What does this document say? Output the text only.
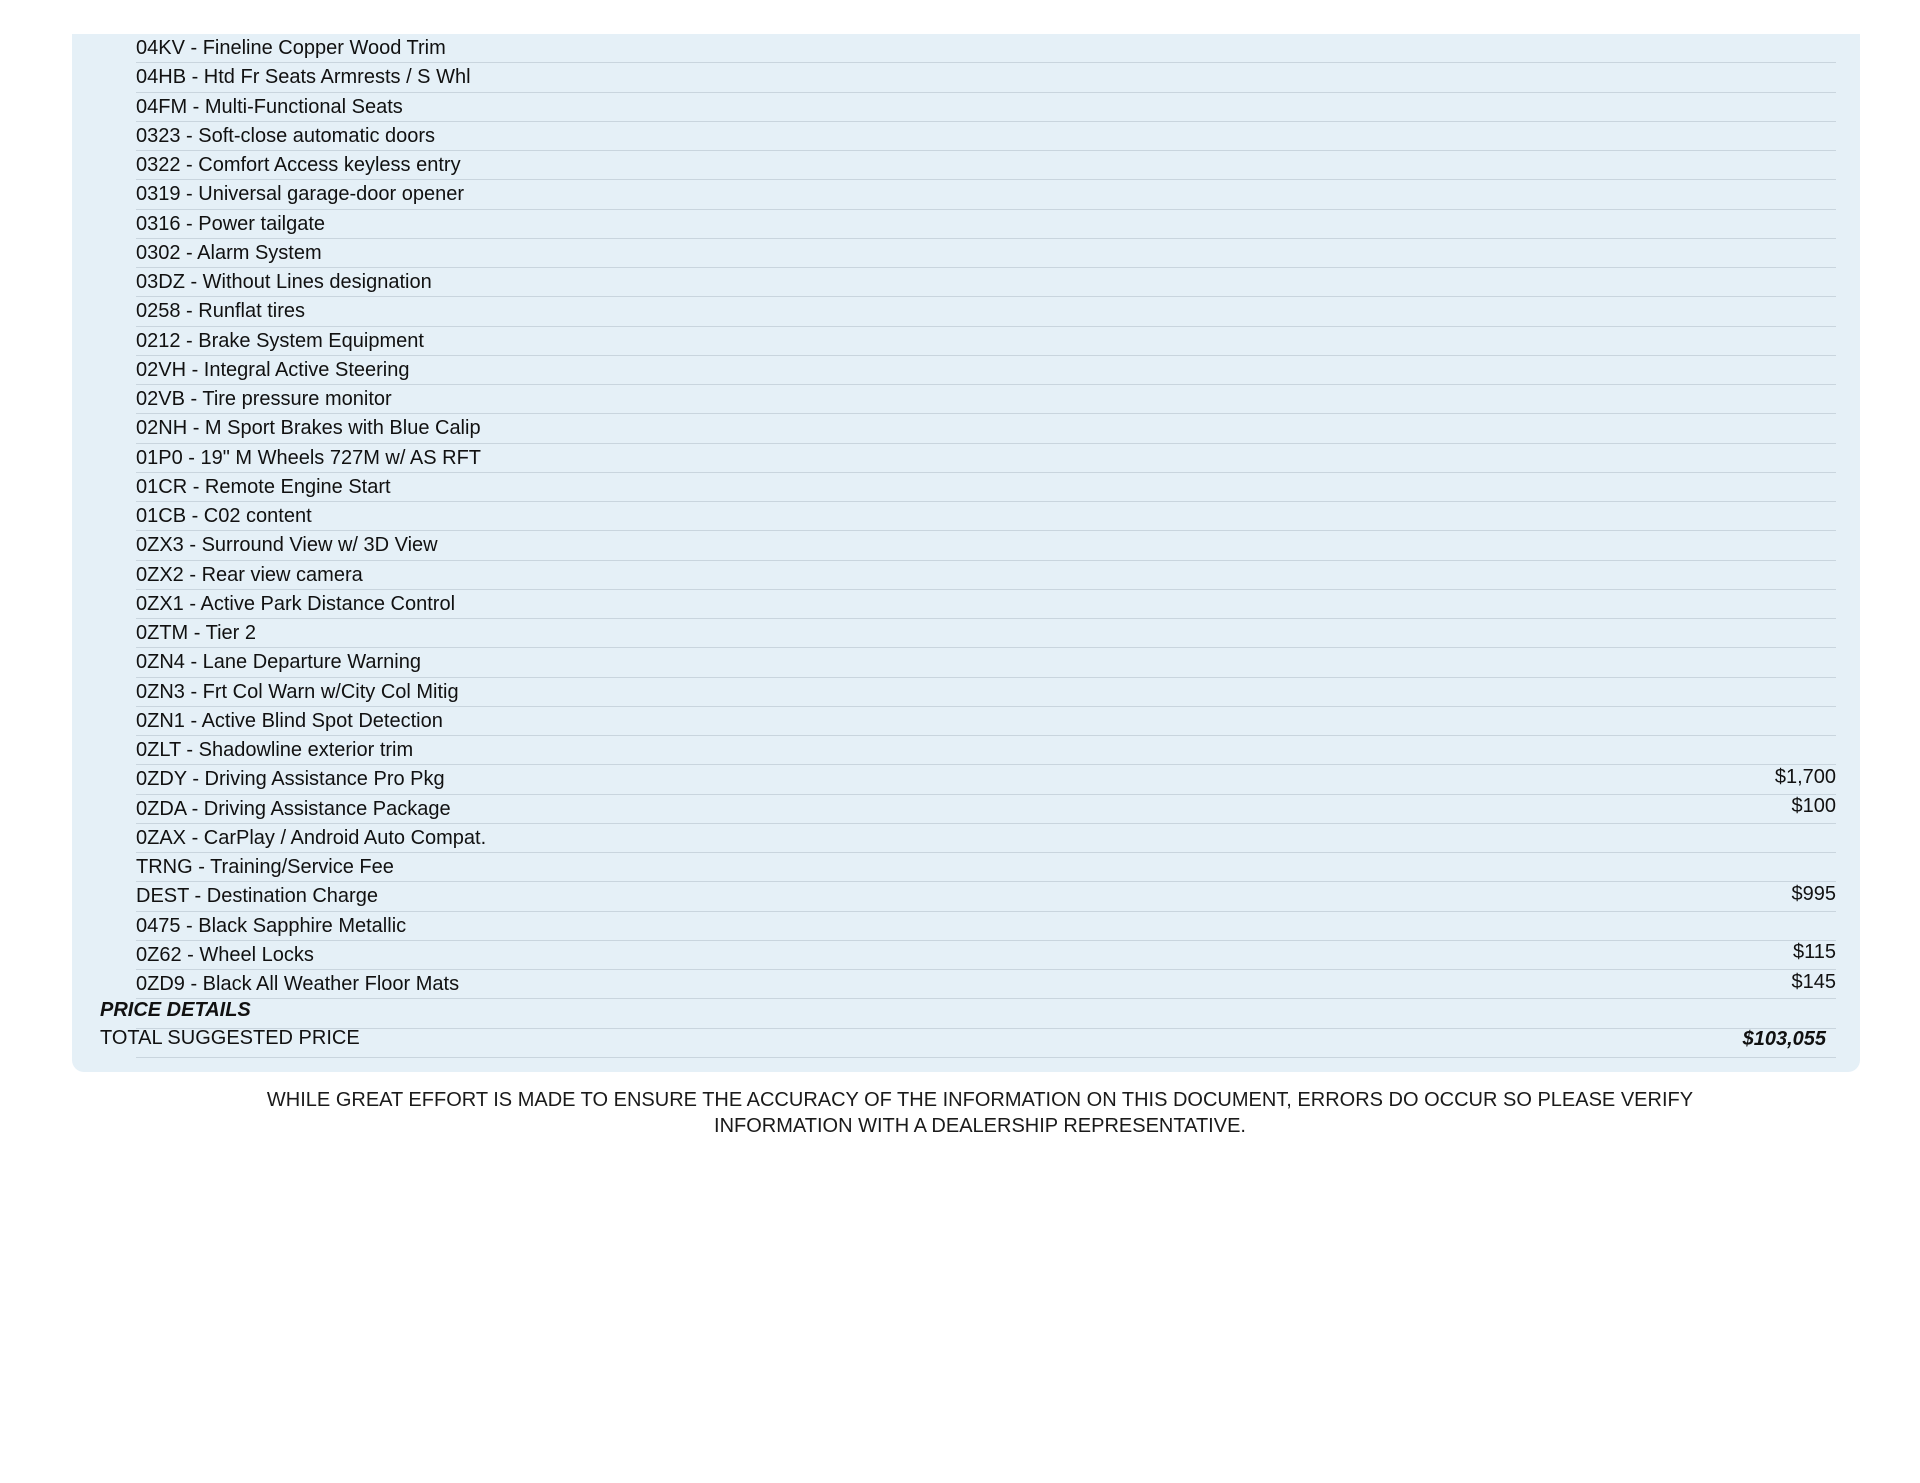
04KV - Fineline Copper Wood Trim
04HB - Htd Fr Seats Armrests / S Whl
04FM - Multi-Functional Seats
0323 - Soft-close automatic doors
0322 - Comfort Access keyless entry
0319 - Universal garage-door opener
0316 - Power tailgate
0302 - Alarm System
03DZ - Without Lines designation
0258 - Runflat tires
0212 - Brake System Equipment
02VH - Integral Active Steering
02VB - Tire pressure monitor
02NH - M Sport Brakes with Blue Calip
01P0 - 19" M Wheels 727M w/ AS RFT
01CR - Remote Engine Start
01CB - C02 content
0ZX3 - Surround View w/ 3D View
0ZX2 - Rear view camera
0ZX1 - Active Park Distance Control
0ZTM - Tier 2
0ZN4 - Lane Departure Warning
0ZN3 - Frt Col Warn w/City Col Mitig
0ZN1 - Active Blind Spot Detection
0ZLT - Shadowline exterior trim
0ZDY - Driving Assistance Pro Pkg
0ZDA - Driving Assistance Package
0ZAX - CarPlay / Android Auto Compat.
TRNG - Training/Service Fee
DEST - Destination Charge
0475 - Black Sapphire Metallic
0Z62 - Wheel Locks
0ZD9 - Black All Weather Floor Mats
$1,700
$100
$995
$115
$145
PRICE DETAILS
TOTAL SUGGESTED PRICE	$103,055
WHILE GREAT EFFORT IS MADE TO ENSURE THE ACCURACY OF THE INFORMATION ON THIS DOCUMENT, ERRORS DO OCCUR SO PLEASE VERIFY
INFORMATION WITH A DEALERSHIP REPRESENTATIVE.
